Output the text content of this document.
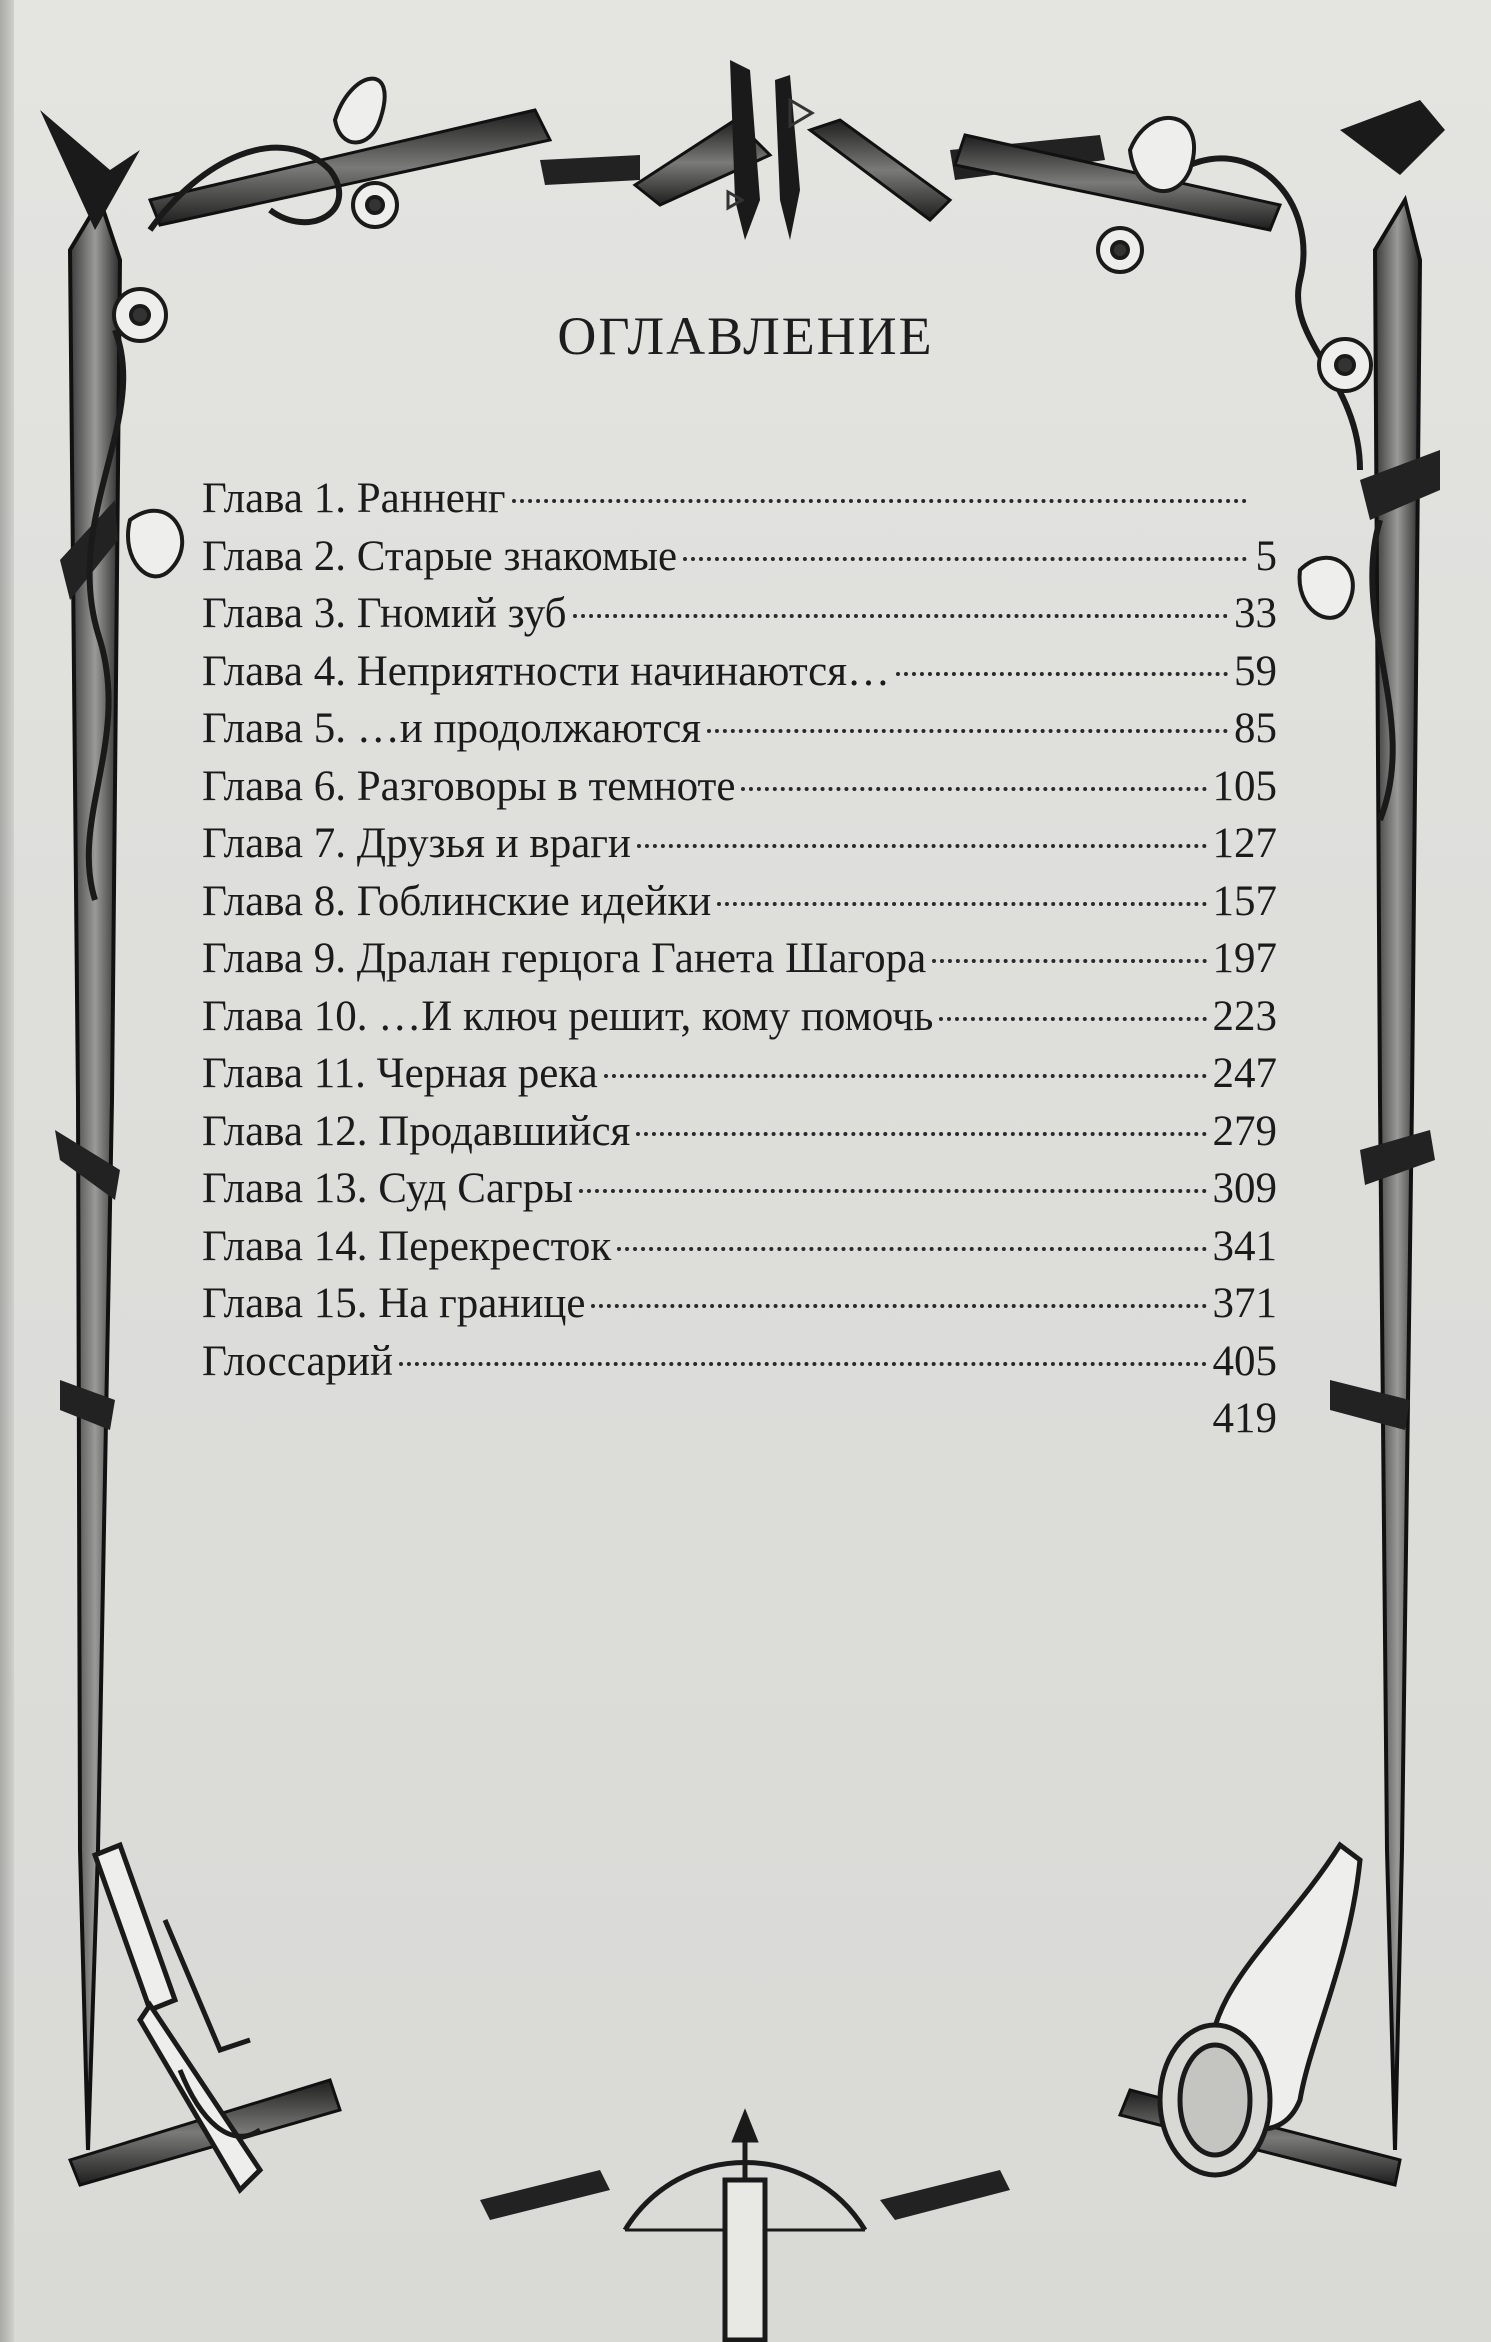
ОГЛАВЛЕНИЕ
Глава 1. Ранненг
Глава 2. Старые знакомые	5
Глава 3. Гномий зуб	33
Глава 4. Неприятности начинаются…	59
Глава 5. …и продолжаются	85
Глава 6. Разговоры в темноте	105
Глава 7. Друзья и враги	127
Глава 8. Гоблинские идейки	157
Глава 9. Дралан герцога Ганета Шагора	197
Глава 10. …И ключ решит, кому помочь	223
Глава 11. Черная река	247
Глава 12. Продавшийся	279
Глава 13. Суд Сагры	309
Глава 14. Перекресток	341
Глава 15. На границе	371
Глоссарий	405
419
